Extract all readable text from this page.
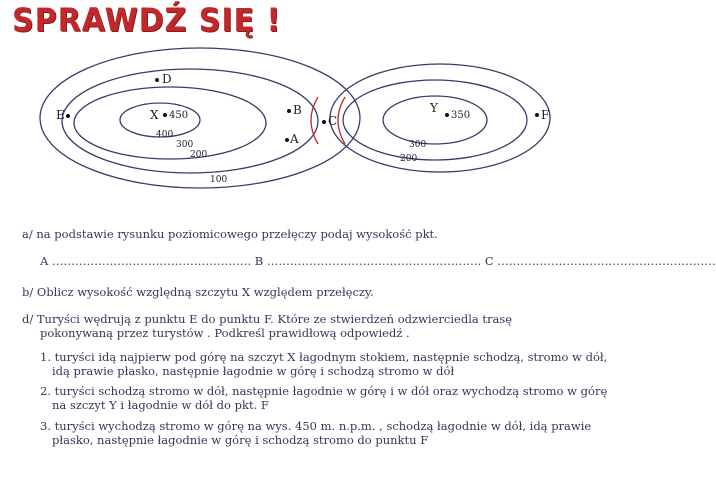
SPRAWDŹ SIĘ !
D
E	X 450	B
C
A
Y
350	F
400
300
200
100
300
200
a/ na podstawie rysunku poziomicowego przełęczy podaj wysokość pkt.
A ……………………………………………. B ……………………………………………….. C …………………………………………………
b/ Oblicz wysokość względną szczytu X względem przełęczy.
d/ Turyści wędrują z punktu E do punktu F. Które ze stwierdzeń odzwierciedla trasę
pokonywaną przez turystów . Podkreśl prawidłową odpowiedź .
1. turyści idą najpierw pod górę na szczyt X łagodnym stokiem, następnie schodzą, stromo w dół,
idą prawie płasko, następnie łagodnie w górę i schodzą stromo w dół
2. turyści schodzą stromo w dół, następnie łagodnie w górę i w dół oraz wychodzą stromo w górę
na szczyt Y i łagodnie w dół do pkt. F
3. turyści wychodzą stromo w górę na wys. 450 m. n.p.m. , schodzą łagodnie w dół, idą prawie
płasko, następnie łagodnie w górę i schodzą stromo do punktu F
